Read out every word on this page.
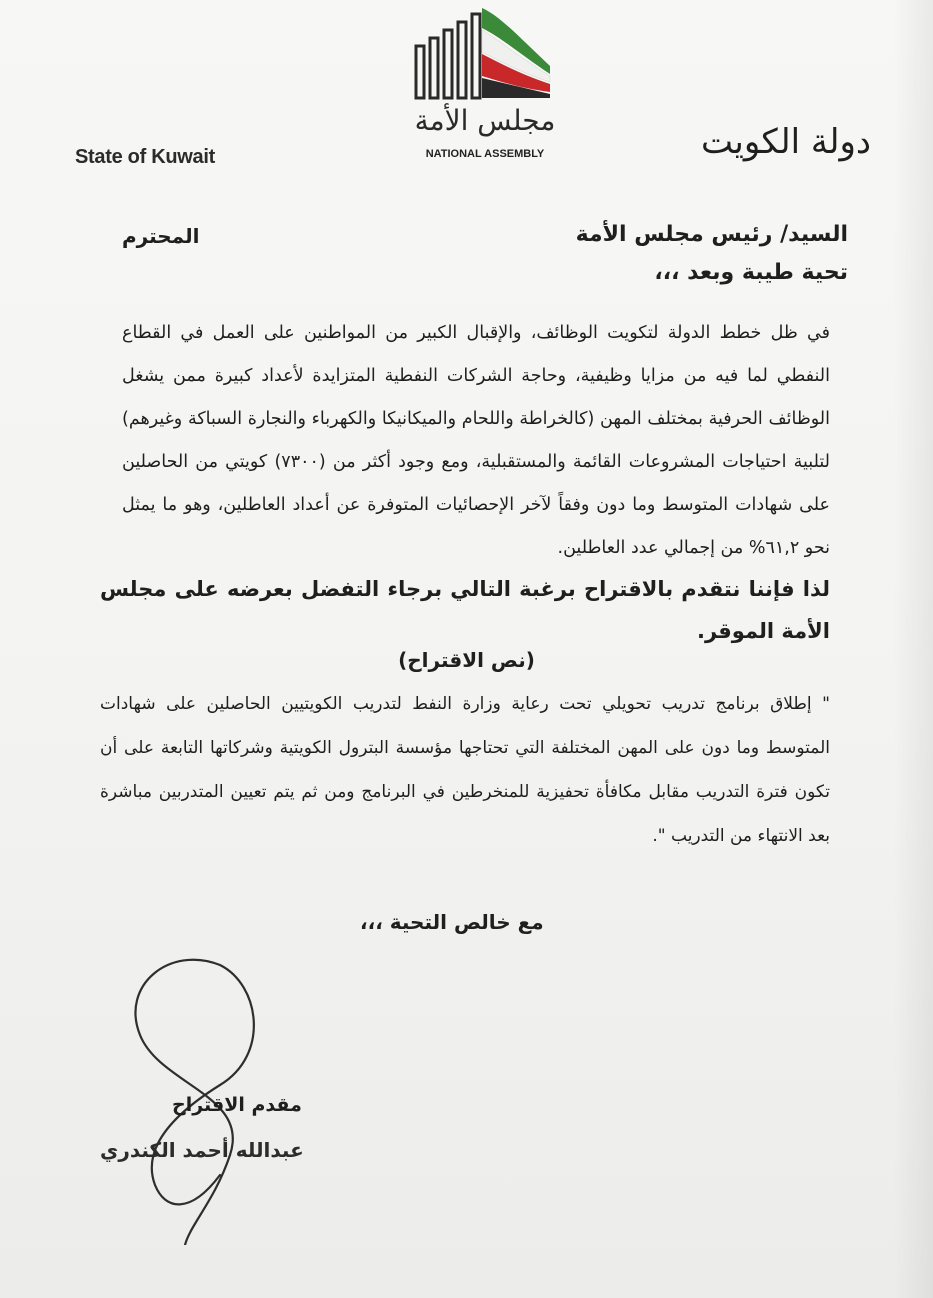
مجلس الأمة
NATIONAL ASSEMBLY
State of Kuwait	دولة الكويت
السيد/ رئيس مجلس الأمة
المحترم
تحية طيبة وبعد ،،،
في ظل خطط الدولة لتكويت الوظائف، والإقبال الكبير من المواطنين على العمل في القطاع النفطي لما فيه من مزايا وظيفية، وحاجة الشركات النفطية المتزايدة لأعداد كبيرة ممن يشغل الوظائف الحرفية بمختلف المهن (كالخراطة واللحام والميكانيكا والكهرباء والنجارة السباكة وغيرهم) لتلبية احتياجات المشروعات القائمة والمستقبلية، ومع وجود أكثر من (٧٣٠٠) كويتي من الحاصلين على شهادات المتوسط وما دون وفقاً لآخر الإحصائيات المتوفرة عن أعداد العاطلين، وهو ما يمثل نحو ٦١,٢% من إجمالي عدد العاطلين.
لذا فإننا نتقدم بالاقتراح برغبة التالي برجاء التفضل بعرضه على مجلس الأمة الموقر.
(نص الاقتراح)
" إطلاق برنامج تدريب تحويلي تحت رعاية وزارة النفط لتدريب الكويتيين الحاصلين على شهادات المتوسط وما دون على المهن المختلفة التي تحتاجها مؤسسة البترول الكويتية وشركاتها التابعة على أن تكون فترة التدريب مقابل مكافأة تحفيزية للمنخرطين في البرنامج ومن ثم يتم تعيين المتدربين مباشرة بعد الانتهاء من التدريب ".
مع خالص التحية ،،،
مقدم الاقتراح
عبدالله أحمد الكندري
